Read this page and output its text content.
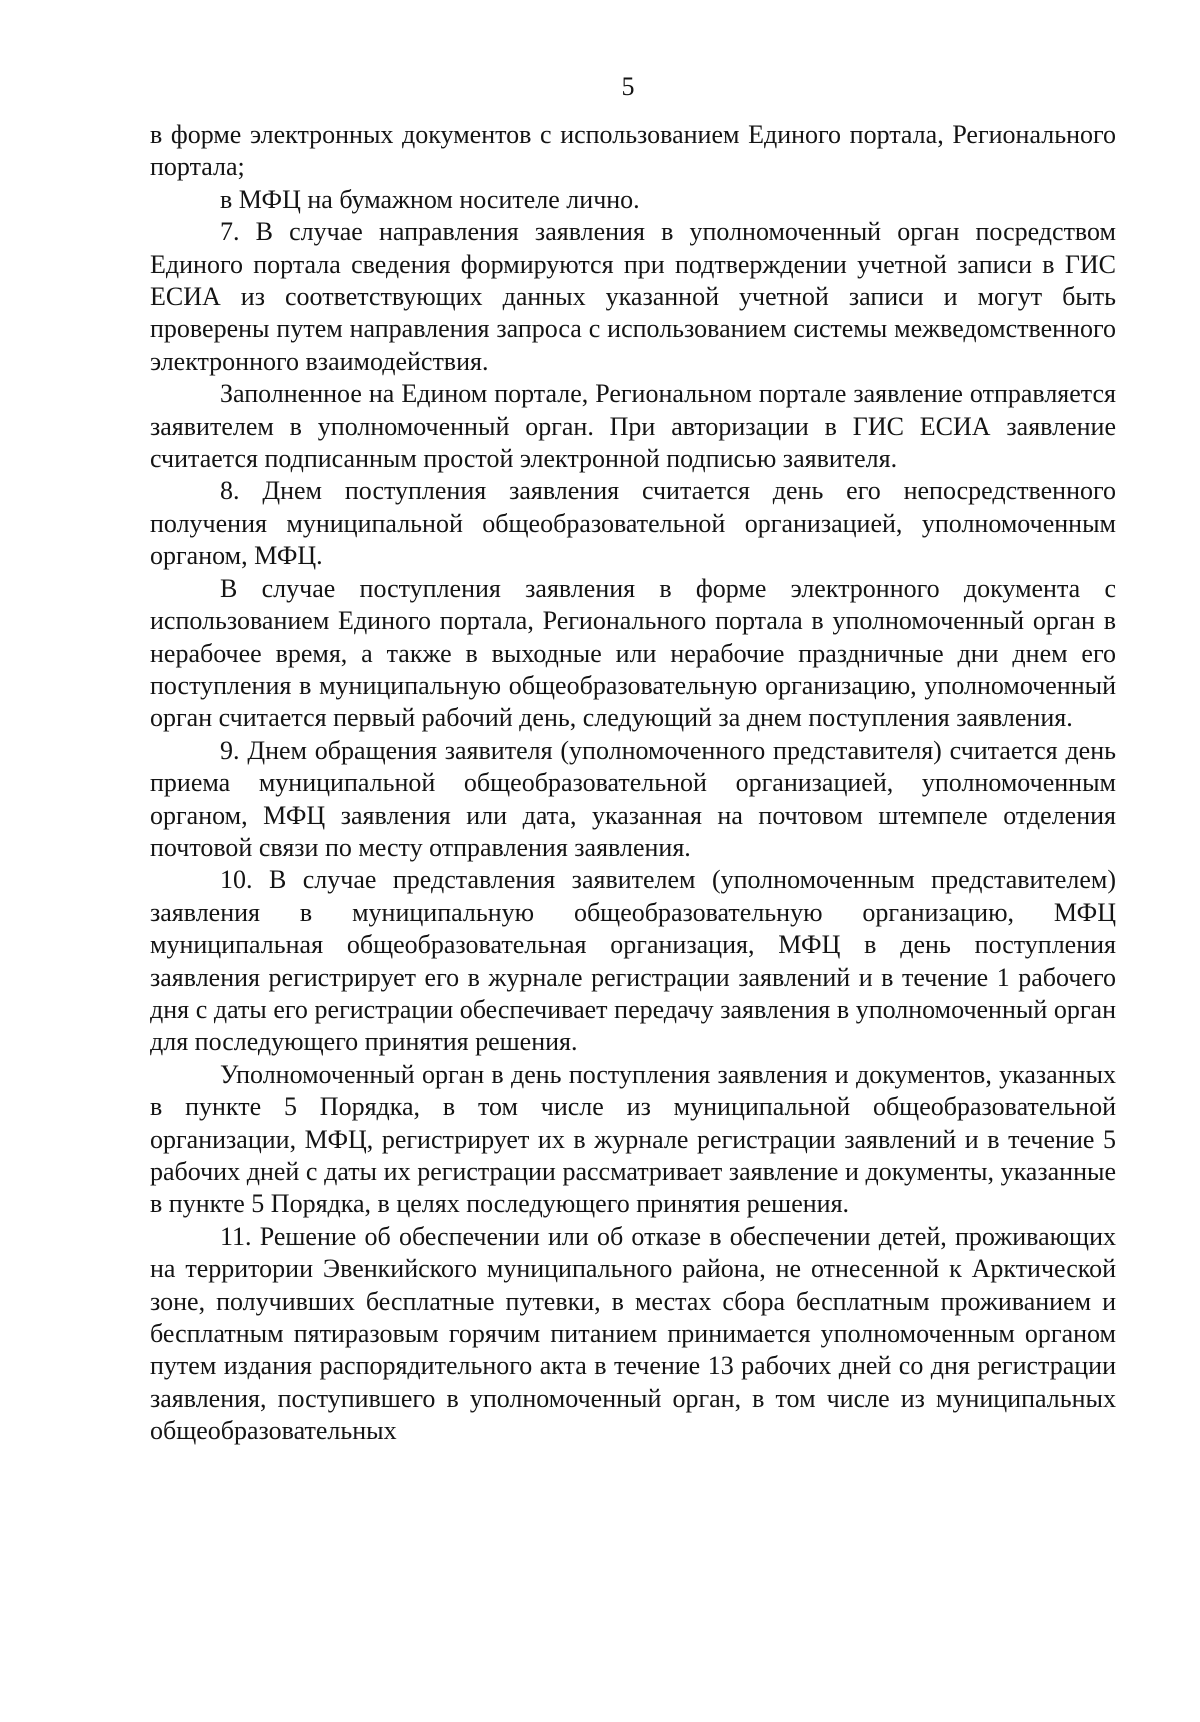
5

в форме электронных документов с использованием Единого портала, Регионального портала;

в МФЦ на бумажном носителе лично.

7. В случае направления заявления в уполномоченный орган посредством Единого портала сведения формируются при подтверждении учетной записи в ГИС ЕСИА из соответствующих данных указанной учетной записи и могут быть проверены путем направления запроса с использованием системы межведомственного электронного взаимодействия.

Заполненное на Едином портале, Региональном портале заявление отправляется заявителем в уполномоченный орган. При авторизации в ГИС ЕСИА заявление считается подписанным простой электронной подписью заявителя.

8. Днем поступления заявления считается день его непосредственного получения муниципальной общеобразовательной организацией, уполномоченным органом, МФЦ.

В случае поступления заявления в форме электронного документа с использованием Единого портала, Регионального портала в уполномоченный орган в нерабочее время, а также в выходные или нерабочие праздничные дни днем его поступления в муниципальную общеобразовательную организацию, уполномоченный орган считается первый рабочий день, следующий за днем поступления заявления.

9. Днем обращения заявителя (уполномоченного представителя) считается день приема муниципальной общеобразовательной организацией, уполномоченным органом, МФЦ заявления или дата, указанная на почтовом штемпеле отделения почтовой связи по месту отправления заявления.

10. В случае представления заявителем (уполномоченным представителем) заявления в муниципальную общеобразовательную организацию, МФЦ муниципальная общеобразовательная организация, МФЦ в день поступления заявления регистрирует его в журнале регистрации заявлений и в течение 1 рабочего дня с даты его регистрации обеспечивает передачу заявления в уполномоченный орган для последующего принятия решения.

Уполномоченный орган в день поступления заявления и документов, указанных в пункте 5 Порядка, в том числе из муниципальной общеобразовательной организации, МФЦ, регистрирует их в журнале регистрации заявлений и в течение 5 рабочих дней с даты их регистрации рассматривает заявление и документы, указанные в пункте 5 Порядка, в целях последующего принятия решения.

11. Решение об обеспечении или об отказе в обеспечении детей, проживающих на территории Эвенкийского муниципального района, не отнесенной к Арктической зоне, получивших бесплатные путевки, в местах сбора бесплатным проживанием и бесплатным пятиразовым горячим питанием принимается уполномоченным органом путем издания распорядительного акта в течение 13 рабочих дней со дня регистрации заявления, поступившего в уполномоченный орган, в том числе из муниципальных общеобразовательных
